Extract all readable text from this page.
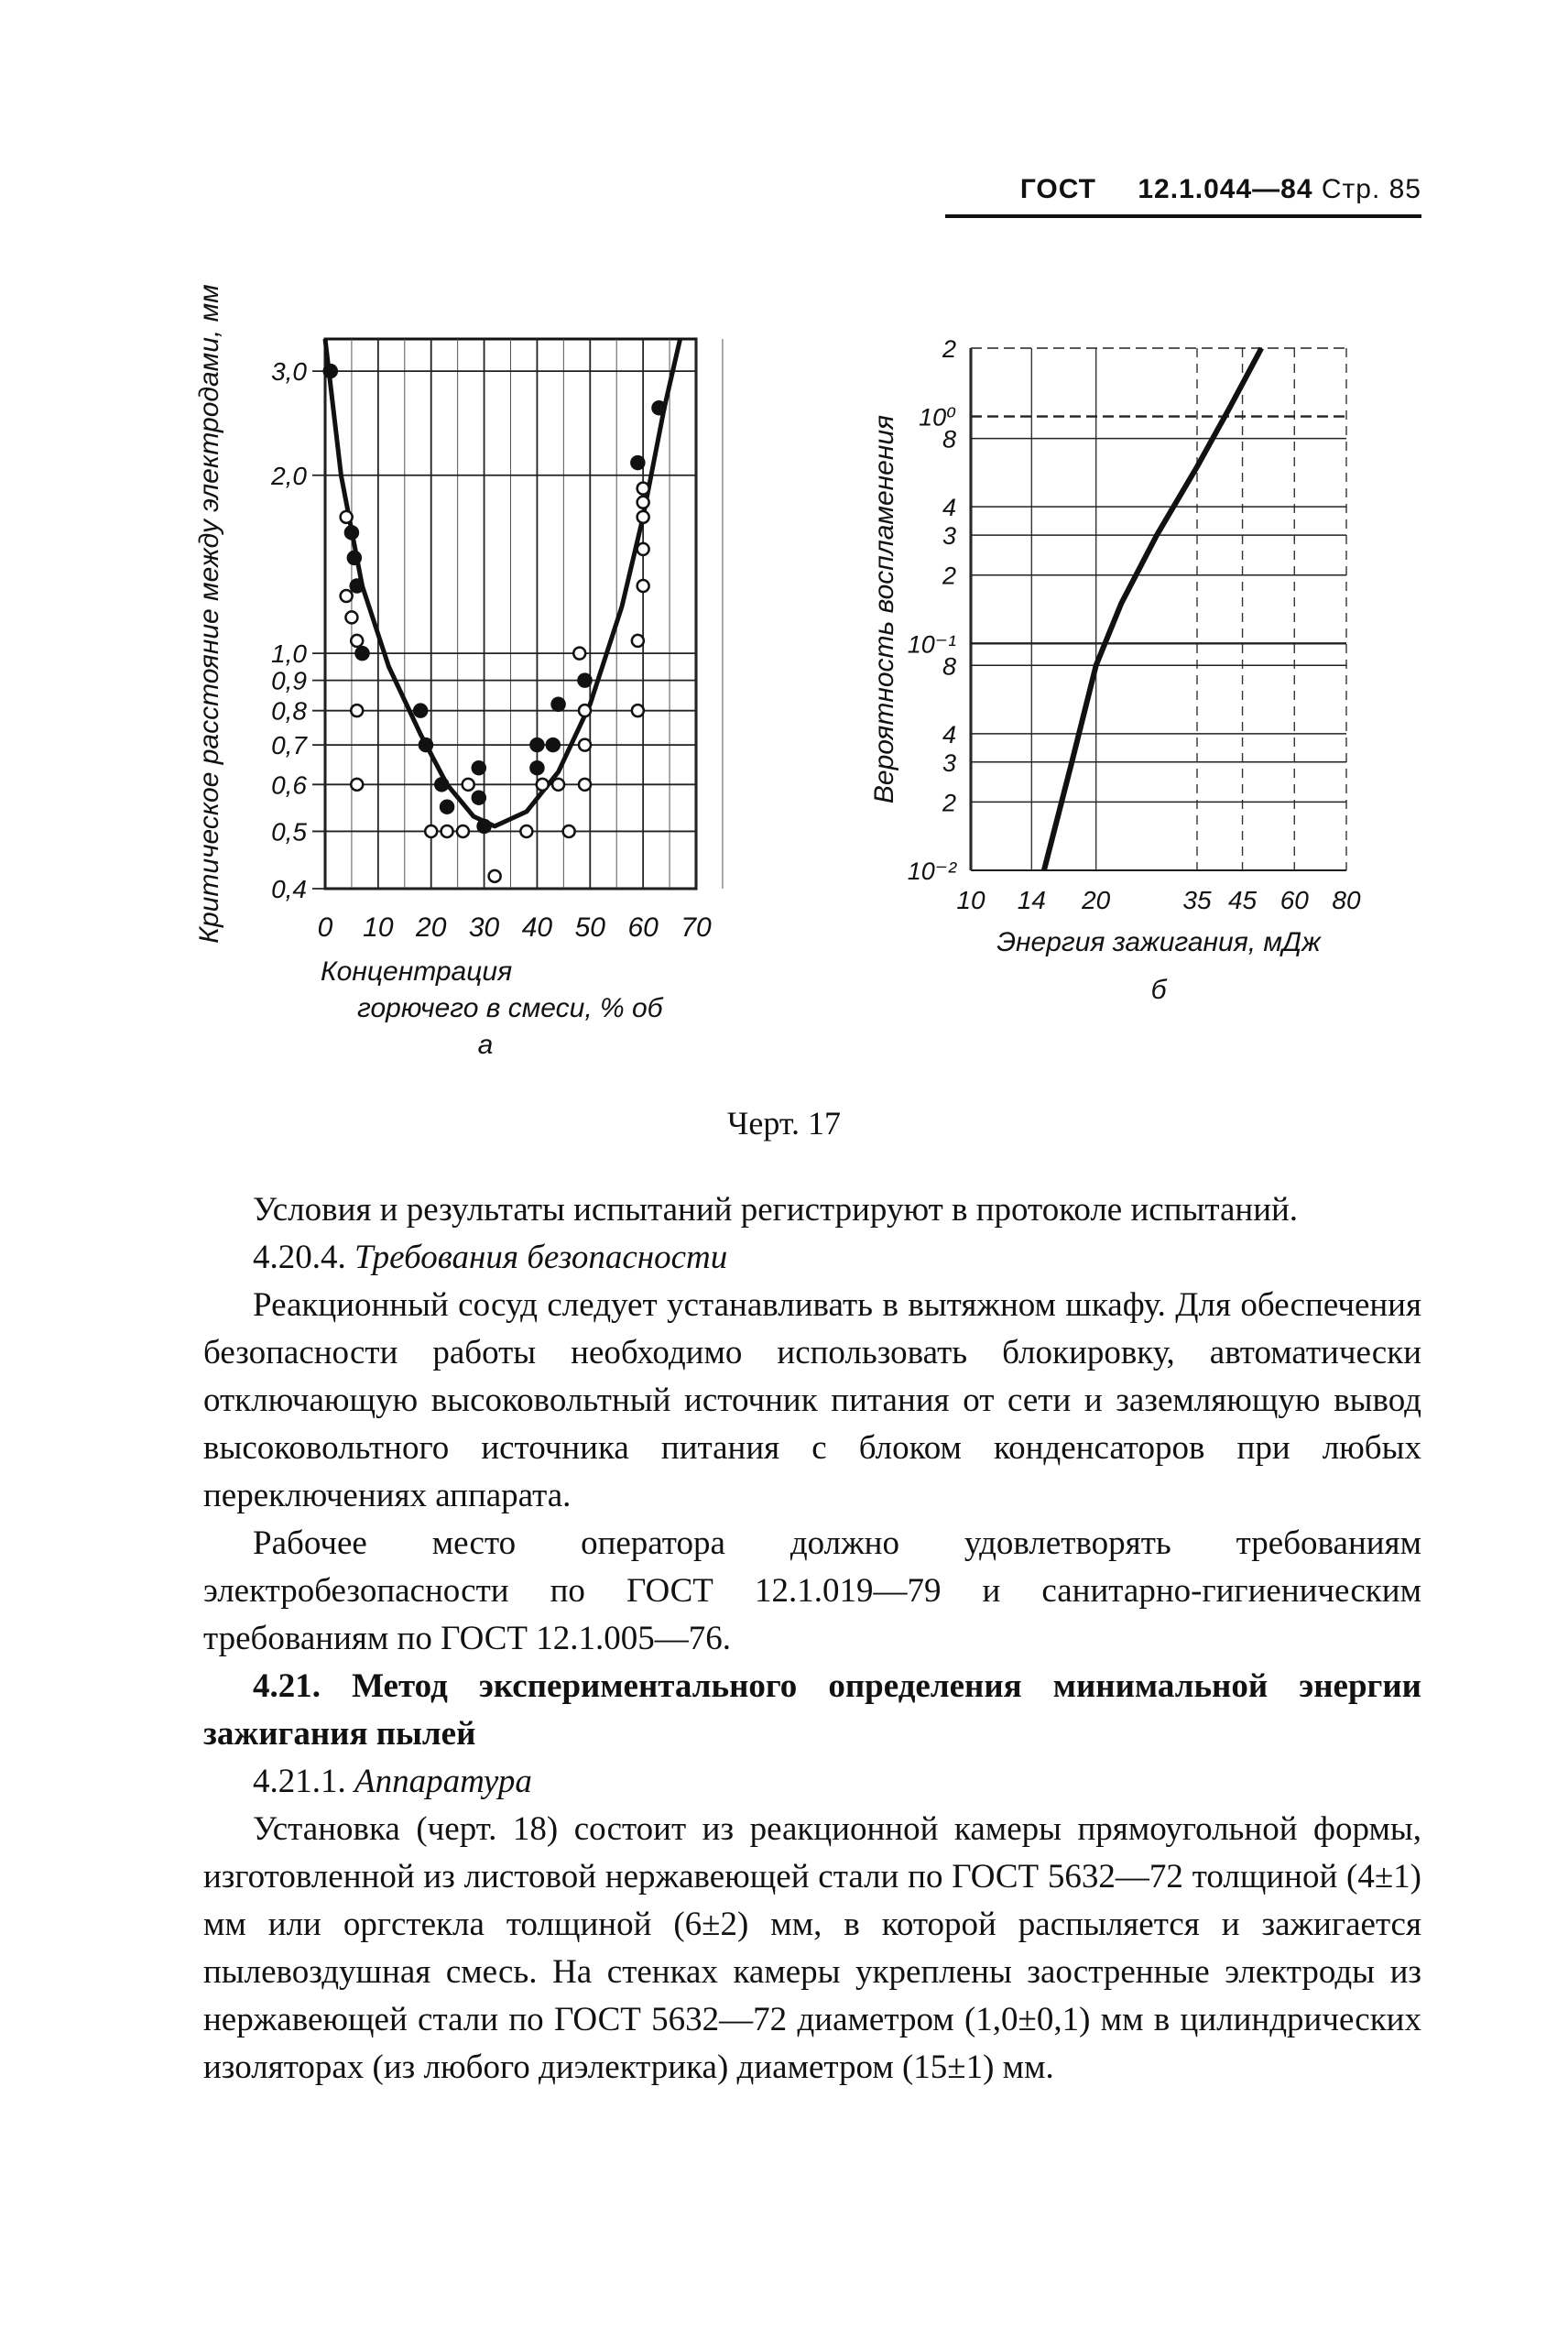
ГОСТ 12.1.044—84 Стр. 85
0 10 20 30 40 50 60 70
3,0
2,0
1,0
0,9
0,8
0,7
0,6
0,5
0,4
Критическое расстояние между электродами, мм
Концентрация
горючего в смеси, % об
а
10 14 20	35 45 60 80
2
10⁰
8
4
3
2
10⁻¹
8
4
3
2
10⁻²
Вероятность воспламенения
Энергия зажигания, мДж
б
Черт. 17

Условия и результаты испытаний регистрируют в протоколе испытаний.

4.20.4. Требования безопасности

Реакционный сосуд следует устанавливать в вытяжном шкафу. Для обеспечения безопасности работы необходимо использовать блокировку, автоматически отключающую высоковольтный источник питания от сети и заземляющую вывод высоковольтного источника питания с блоком конденсаторов при любых переключениях аппарата.

Рабочее место оператора должно удовлетворять требованиям электробезопасности по ГОСТ 12.1.019—79 и санитарно-гигиеническим требованиям по ГОСТ 12.1.005—76.

4.21. Метод экспериментального определения минимальной энергии зажигания пылей

4.21.1. Аппаратура

Установка (черт. 18) состоит из реакционной камеры прямоугольной формы, изготовленной из листовой нержавеющей стали по ГОСТ 5632—72 толщиной (4±1) мм или оргстекла толщиной (6±2) мм, в которой распыляется и зажигается пылевоздушная смесь. На стенках камеры укреплены заостренные электроды из нержавеющей стали по ГОСТ 5632—72 диаметром (1,0±0,1) мм в цилиндрических изоляторах (из любого диэлектрика) диаметром (15±1) мм.
